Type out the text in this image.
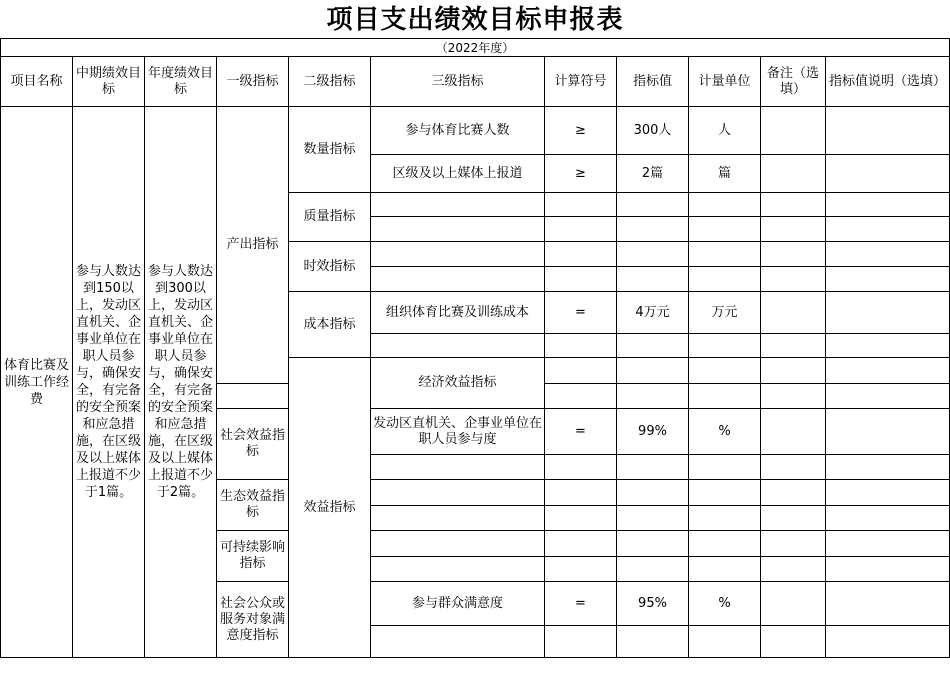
项目支出绩效目标申报表
（2022年度）											
项目名称	中期绩效目标	年度绩效目标	一级指标	二级指标	三级指标	计算符号	指标值	计量单位	备注（选填）	指标值说明（选填）	
体育比赛及训练工作经费	参与人数达到150以上，发动区直机关、企事业单位在职人员参与，确保安全，有完备的安全预案和应急措施，在区级及以上媒体上报道不少于1篇。	参与人数达到300以上，发动区直机关、企事业单位在职人员参与，确保安全，有完备的安全预案和应急措施，在区级及以上媒体上报道不少于2篇。	产出指标	数量指标	参与体育比赛人数	≥	300人	人			
					区级及以上媒体上报道	≥	2篇	篇			
				质量指标							

				时效指标							

				成本指标	组织体育比赛及训练成本	=	4万元	万元			

				效益指标	经济效益指标						

			社会效益指标		发动区直机关、企事业单位在职人员参与度	=	99%	%			

			生态效益指标								

			可持续影响指标								

			社会公众或服务对象满意度指标		参与群众满意度	=	95%	%			
